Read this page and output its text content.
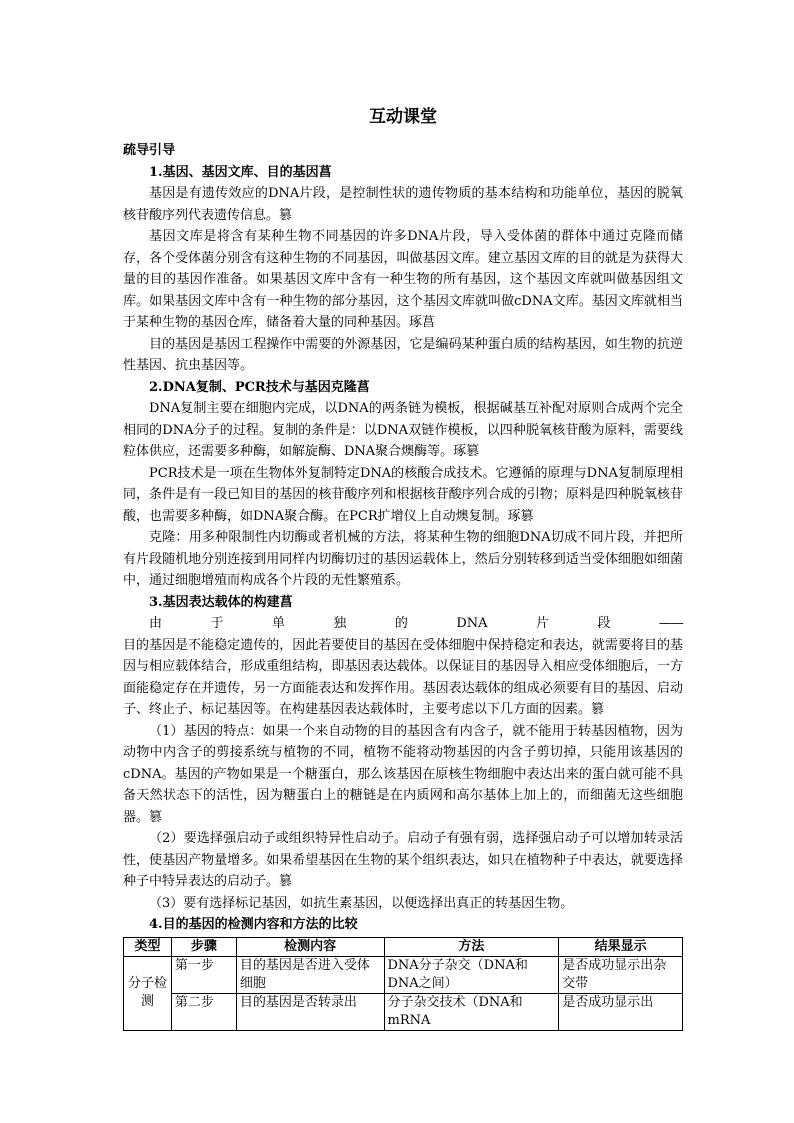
互动课堂
疏导引导
1.基因、基因文库、目的基因菖

基因是有遗传效应的DNA片段，是控制性状的遗传物质的基本结构和功能单位，基因的脱氧核苷酸序列代表遗传信息。篡

基因文库是将含有某种生物不同基因的许多DNA片段，导入受体菌的群体中通过克隆而储存，各个受体菌分别含有这种生物的不同基因，叫做基因文库。建立基因文库的目的就是为获得大量的目的基因作准备。如果基因文库中含有一种生物的所有基因，这个基因文库就叫做基因组文库。如果基因文库中含有一种生物的部分基因，这个基因文库就叫做cDNA文库。基因文库就相当于某种生物的基因仓库，储备着大量的同种基因。琢菖

目的基因是基因工程操作中需要的外源基因，它是编码某种蛋白质的结构基因，如生物的抗逆性基因、抗虫基因等。

2.DNA复制、PCR技术与基因克隆菖

DNA复制主要在细胞内完成，以DNA的两条链为模板，根据碱基互补配对原则合成两个完全相同的DNA分子的过程。复制的条件是：以DNA双链作模板，以四种脱氧核苷酸为原料，需要线粒体供应，还需要多种酶，如解旋酶、DNA聚合燠酶等。琢篡

PCR技术是一项在生物体外复制特定DNA的核酸合成技术。它遵循的原理与DNA复制原理相同，条件是有一段已知目的基因的核苷酸序列和根据核苷酸序列合成的引物；原料是四种脱氧核苷酸，也需要多种酶，如DNA聚合酶。在PCR扩增仪上自动燠复制。琢篡

克隆：用多种限制性内切酶或者机械的方法，将某种生物的细胞DNA切成不同片段，并把所有片段随机地分别连接到用同样内切酶切过的基因运载体上，然后分别转移到适当受体细胞如细菌中，通过细胞增殖而构成各个片段的无性繁殖系。

3.基因表达载体的构建菖
由	于	单	独	的	DNA	片	段	——

目的基因是不能稳定遗传的，因此若要使目的基因在受体细胞中保持稳定和表达，就需要将目的基因与相应载体结合，形成重组结构，即基因表达载体。以保证目的基因导入相应受体细胞后，一方面能稳定存在并遗传，另一方面能表达和发挥作用。基因表达载体的组成必须要有目的基因、启动子、终止子、标记基因等。在构建基因表达载体时，主要考虑以下几方面的因素。篡

（1）基因的特点：如果一个来自动物的目的基因含有内含子，就不能用于转基因植物，因为动物中内含子的剪接系统与植物的不同，植物不能将动物基因的内含子剪切掉，只能用该基因的cDNA。基因的产物如果是一个糖蛋白，那么该基因在原核生物细胞中表达出来的蛋白就可能不具备天然状态下的活性，因为糖蛋白上的糖链是在内质网和高尔基体上加上的，而细菌无这些细胞器。篡

（2）要选择强启动子或组织特异性启动子。启动子有强有弱，选择强启动子可以增加转录活性，使基因产物量增多。如果希望基因在生物的某个组织表达，如只在植物种子中表达，就要选择种子中特异表达的启动子。篡

（3）要有选择标记基因，如抗生素基因，以便选择出真正的转基因生物。

4.目的基因的检测内容和方法的比较
类型	步骤	检测内容	方法	结果显示
分子检测	第一步	目的基因是否进入受体细胞	DNA分子杂交（DNA和DNA之间）	是否成功显示出杂交带
	第二步	目的基因是否转录出	分子杂交技术（DNA和mRNA	是否成功显示出
